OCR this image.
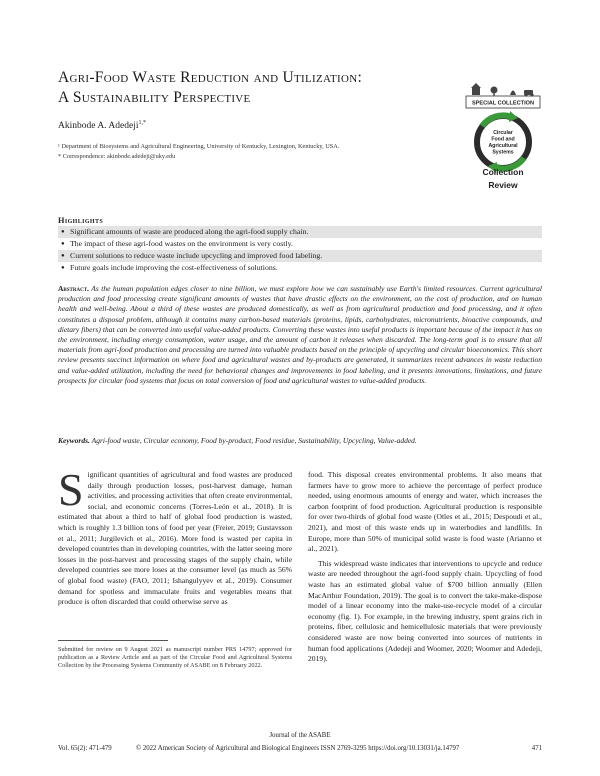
Agri-Food Waste Reduction and Utilization:
A Sustainability Perspective
Akinbode A. Adedeji$^{1,*}$
¹ Department of Biosystems and Agricultural Engineering, University of Kentucky, Lexington, Kentucky, USA.
* Correspondence: akinbode.adedeji@uky.edu
SPECIAL COLLECTION
Circular
Food and
Agricultural
Systems
Collection
Review
Highlights
● Significant amounts of waste are produced along the agri-food supply chain.
● The impact of these agri-food wastes on the environment is very costly.
● Current solutions to reduce waste include upcycling and improved food labeling.
● Future goals include improving the cost-effectiveness of solutions.
Abstract. As the human population edges closer to nine billion, we must explore how we can sustainably use Earth's limited resources. Current agricultural production and food processing create significant amounts of wastes that have drastic effects on the environment, on the cost of production, and on human health and well-being. About a third of these wastes are produced domestically, as well as from agricultural production and food processing, and it often constitutes a disposal problem, although it contains many carbon-based materials (proteins, lipids, carbohydrates, micronutrients, bioactive compounds, and dietary fibers) that can be converted into useful value-added products. Converting these wastes into useful products is important because of the impact it has on the environment, including energy consumption, water usage, and the amount of carbon it releases when discarded. The long-term goal is to ensure that all materials from agri-food production and processing are turned into valuable products based on the principle of upcycling and circular bioeconomics. This short review presents succinct information on where food and agricultural wastes and by-products are generated, it summarizes recent advances in waste reduction and value-added utilization, including the need for behavioral changes and improvements in food labeling, and it presents innovations, limitations, and future prospects for circular food systems that focus on total conversion of food and agricultural wastes to value-added products.
Keywords. Agri-food waste, Circular economy, Food by-product, Food residue, Sustainability, Upcycling, Value-added.
Significant quantities of agricultural and food wastes are produced daily through production losses, post-harvest damage, human activities, and processing activities that often create environmental, social, and economic concerns (Torres-León et al., 2018). It is estimated that about a third to half of global food production is wasted, which is roughly 1.3 billion tons of food per year (Freier, 2019; Gustavsson et al., 2011; Jurgilevich et al., 2016). More food is wasted per capita in developed countries than in developing countries, with the latter seeing more losses in the post-harvest and processing stages of the supply chain, while developed countries see more loses at the consumer level (as much as 56% of global food waste) (FAO, 2011; Ishangulyyev et al., 2019). Consumer demand for spotless and immaculate fruits and vegetables means that produce is often discarded that could otherwise serve as

food. This disposal creates environmental problems. It also means that farmers have to grow more to achieve the percentage of perfect produce needed, using enormous amounts of energy and water, which increases the carbon footprint of food production. Agricultural production is responsible for over two-thirds of global food waste (Otles et al., 2015; Despoudi et al., 2021), and most of this waste ends up in waterbodies and landfills. In Europe, more than 50% of municipal solid waste is food waste (Arianno et al., 2021).

This widespread waste indicates that interventions to upcycle and reduce waste are needed throughout the agri-food supply chain. Upcycling of food waste has an estimated global value of $700 billion annually (Ellen MacArthur Foundation, 2019). The goal is to convert the take-make-dispose model of a linear economy into the make-use-recycle model of a circular economy (fig. 1). For example, in the brewing industry, spent grains rich in proteins, fiber, cellulosic and hemicellulosic materials that were previously considered waste are now being converted into sources of nutrients in human food applications (Adedeji and Woomer, 2020; Woomer and Adedeji, 2019).

Submitted for review on 9 August 2021 as manuscript number PRS 14797; approved for publication as a Review Article and as part of the Circular Food and Agricultural Systems Collection by the Processing Systems Community of ASABE on 8 February 2022.
Journal of the ASABE
Vol. 65(2): 471-479	© 2022 American Society of Agricultural and Biological Engineers ISSN 2769-3295 https://doi.org/10.13031/ja.14797	471
